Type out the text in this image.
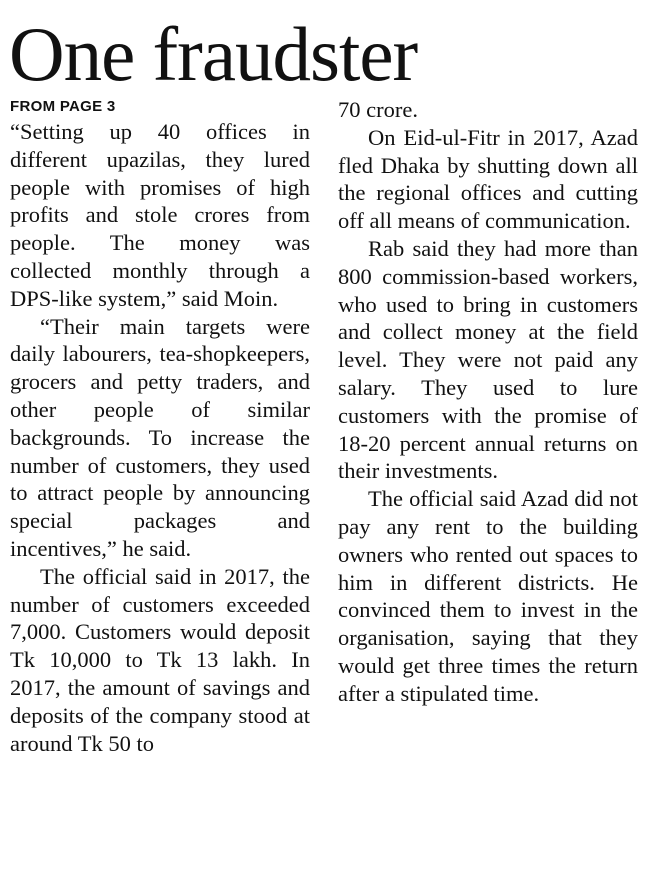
One fraudster
FROM PAGE 3

“Setting up 40 offices in different upazilas, they lured people with promises of high profits and stole crores from people. The money was collected monthly through a DPS-like system,” said Moin.

“Their main targets were daily labourers, tea-shopkeepers, grocers and petty traders, and other people of similar backgrounds. To increase the number of customers, they used to attract people by announcing special packages and incentives,” he said.

The official said in 2017, the number of customers exceeded 7,000. Customers would deposit Tk 10,000 to Tk 13 lakh. In 2017, the amount of savings and deposits of the company stood at around Tk 50 to

70 crore.

On Eid-ul-Fitr in 2017, Azad fled Dhaka by shutting down all the regional offices and cutting off all means of communication.

Rab said they had more than 800 commission-based workers, who used to bring in customers and collect money at the field level. They were not paid any salary. They used to lure customers with the promise of 18-20 percent annual returns on their investments.

The official said Azad did not pay any rent to the building owners who rented out spaces to him in different districts. He convinced them to invest in the organisation, saying that they would get three times the return after a stipulated time.
